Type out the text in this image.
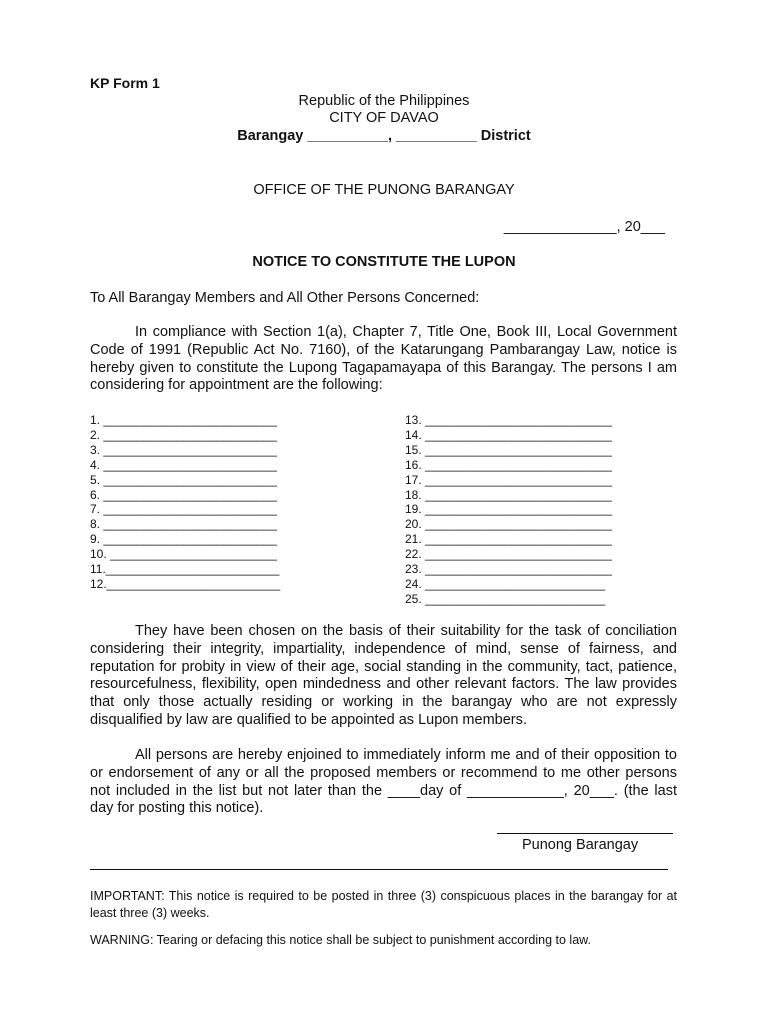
KP Form 1
Republic of the Philippines
CITY OF DAVAO
Barangay __________, __________ District
OFFICE OF THE PUNONG BARANGAY
______________, 20___
NOTICE TO CONSTITUTE THE LUPON
To All Barangay Members and All Other Persons Concerned:
In compliance with Section 1(a), Chapter 7, Title One, Book III, Local Government Code of 1991 (Republic Act No. 7160), of the Katarungang Pambarangay Law, notice is hereby given to constitute the Lupong Tagapamayapa of this Barangay. The persons I am considering for appointment are the following:
1. __________________________
2. __________________________
3. __________________________
4. __________________________
5. __________________________
6. __________________________
7. __________________________
8. __________________________
9. __________________________
10. _________________________
11.__________________________
12.__________________________
13. ____________________________
14. ____________________________
15. ____________________________
16. ____________________________
17. ____________________________
18. ____________________________
19. ____________________________
20. ____________________________
21. ____________________________
22. ____________________________
23. ____________________________
24. ___________________________
25. ___________________________
They have been chosen on the basis of their suitability for the task of conciliation considering their integrity, impartiality, independence of mind, sense of fairness, and reputation for probity in view of their age, social standing in the community, tact, patience, resourcefulness, flexibility, open mindedness and other relevant factors. The law provides that only those actually residing or working in the barangay who are not expressly disqualified by law are qualified to be appointed as Lupon members.
All persons are hereby enjoined to immediately inform me and of their opposition to or endorsement of any or all the proposed members or recommend to me other persons not included in the list but not later than the ____day of ____________, 20___. (the last day for posting this notice).
Punong Barangay
IMPORTANT: This notice is required to be posted in three (3) conspicuous places in the barangay for at least three (3) weeks.
WARNING: Tearing or defacing this notice shall be subject to punishment according to law.
